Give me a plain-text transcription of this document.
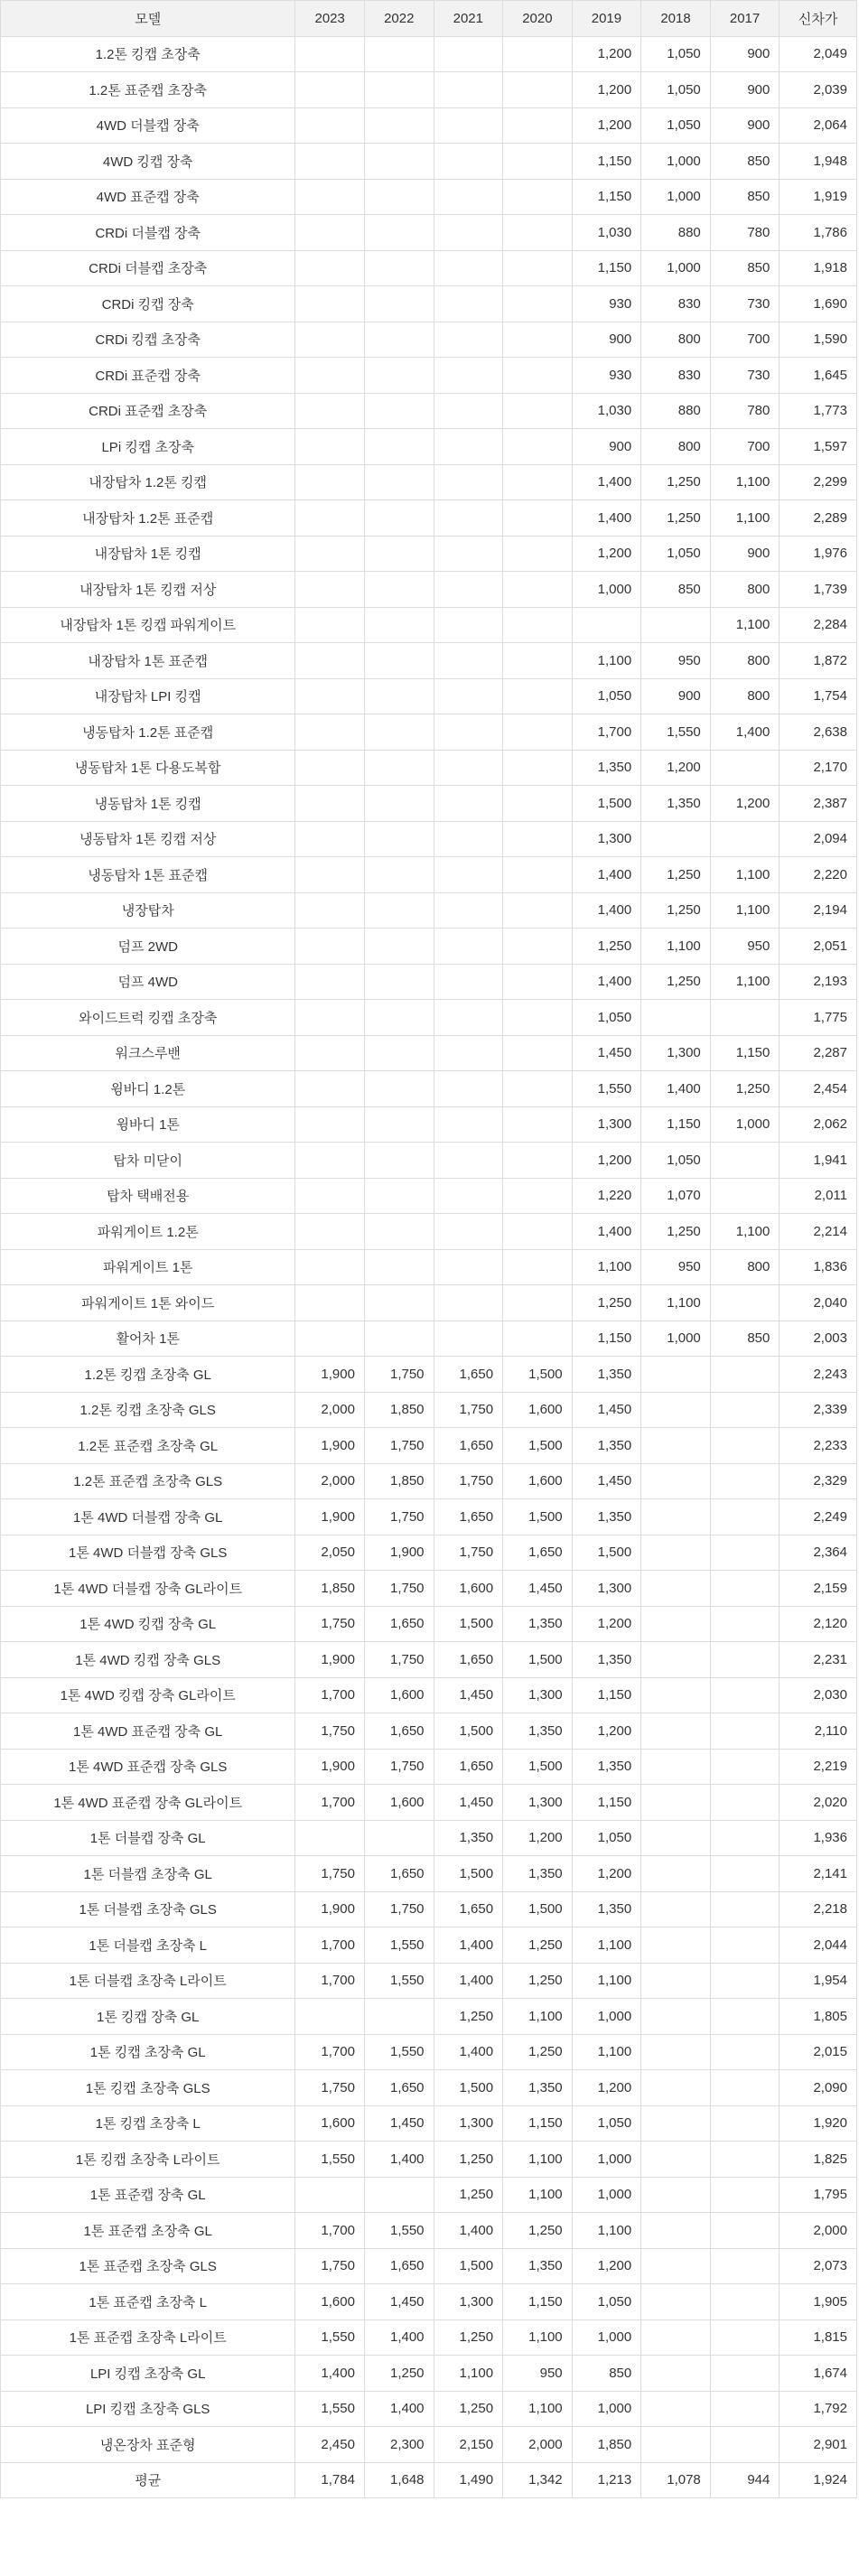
모델	2023	2022	2021	2020	2019	2018	2017	신차가
1.2톤 킹캡 초장축					1,200	1,050	900	2,049
1.2톤 표준캡 초장축					1,200	1,050	900	2,039
4WD 더블캡 장축					1,200	1,050	900	2,064
4WD 킹캡 장축					1,150	1,000	850	1,948
4WD 표준캡 장축					1,150	1,000	850	1,919
CRDi 더블캡 장축					1,030	880	780	1,786
CRDi 더블캡 초장축					1,150	1,000	850	1,918
CRDi 킹캡 장축					930	830	730	1,690
CRDi 킹캡 초장축					900	800	700	1,590
CRDi 표준캡 장축					930	830	730	1,645
CRDi 표준캡 초장축					1,030	880	780	1,773
LPi 킹캡 초장축					900	800	700	1,597
내장탑차 1.2톤 킹캡					1,400	1,250	1,100	2,299
내장탑차 1.2톤 표준캡					1,400	1,250	1,100	2,289
내장탑차 1톤 킹캡					1,200	1,050	900	1,976
내장탑차 1톤 킹캡 저상					1,000	850	800	1,739
내장탑차 1톤 킹캡 파워게이트							1,100	2,284
내장탑차 1톤 표준캡					1,100	950	800	1,872
내장탑차 LPI 킹캡					1,050	900	800	1,754
냉동탑차 1.2톤 표준캡					1,700	1,550	1,400	2,638
냉동탑차 1톤 다용도복합					1,350	1,200		2,170
냉동탑차 1톤 킹캡					1,500	1,350	1,200	2,387
냉동탑차 1톤 킹캡 저상					1,300			2,094
냉동탑차 1톤 표준캡					1,400	1,250	1,100	2,220
냉장탑차					1,400	1,250	1,100	2,194
덤프 2WD					1,250	1,100	950	2,051
덤프 4WD					1,400	1,250	1,100	2,193
와이드트럭 킹캡 초장축					1,050			1,775
워크스루밴					1,450	1,300	1,150	2,287
윙바디 1.2톤					1,550	1,400	1,250	2,454
윙바디 1톤					1,300	1,150	1,000	2,062
탑차 미닫이					1,200	1,050		1,941
탑차 택배전용					1,220	1,070		2,011
파워게이트 1.2톤					1,400	1,250	1,100	2,214
파워게이트 1톤					1,100	950	800	1,836
파워게이트 1톤 와이드					1,250	1,100		2,040
활어차 1톤					1,150	1,000	850	2,003
1.2톤 킹캡 초장축 GL	1,900	1,750	1,650	1,500	1,350			2,243
1.2톤 킹캡 초장축 GLS	2,000	1,850	1,750	1,600	1,450			2,339
1.2톤 표준캡 초장축 GL	1,900	1,750	1,650	1,500	1,350			2,233
1.2톤 표준캡 초장축 GLS	2,000	1,850	1,750	1,600	1,450			2,329
1톤 4WD 더블캡 장축 GL	1,900	1,750	1,650	1,500	1,350			2,249
1톤 4WD 더블캡 장축 GLS	2,050	1,900	1,750	1,650	1,500			2,364
1톤 4WD 더블캡 장축 GL라이트	1,850	1,750	1,600	1,450	1,300			2,159
1톤 4WD 킹캡 장축 GL	1,750	1,650	1,500	1,350	1,200			2,120
1톤 4WD 킹캡 장축 GLS	1,900	1,750	1,650	1,500	1,350			2,231
1톤 4WD 킹캡 장축 GL라이트	1,700	1,600	1,450	1,300	1,150			2,030
1톤 4WD 표준캡 장축 GL	1,750	1,650	1,500	1,350	1,200			2,110
1톤 4WD 표준캡 장축 GLS	1,900	1,750	1,650	1,500	1,350			2,219
1톤 4WD 표준캡 장축 GL라이트	1,700	1,600	1,450	1,300	1,150			2,020
1톤 더블캡 장축 GL			1,350	1,200	1,050			1,936
1톤 더블캡 초장축 GL	1,750	1,650	1,500	1,350	1,200			2,141
1톤 더블캡 초장축 GLS	1,900	1,750	1,650	1,500	1,350			2,218
1톤 더블캡 초장축 L	1,700	1,550	1,400	1,250	1,100			2,044
1톤 더블캡 초장축 L라이트	1,700	1,550	1,400	1,250	1,100			1,954
1톤 킹캡 장축 GL			1,250	1,100	1,000			1,805
1톤 킹캡 초장축 GL	1,700	1,550	1,400	1,250	1,100			2,015
1톤 킹캡 초장축 GLS	1,750	1,650	1,500	1,350	1,200			2,090
1톤 킹캡 초장축 L	1,600	1,450	1,300	1,150	1,050			1,920
1톤 킹캡 초장축 L라이트	1,550	1,400	1,250	1,100	1,000			1,825
1톤 표준캡 장축 GL			1,250	1,100	1,000			1,795
1톤 표준캡 초장축 GL	1,700	1,550	1,400	1,250	1,100			2,000
1톤 표준캡 초장축 GLS	1,750	1,650	1,500	1,350	1,200			2,073
1톤 표준캡 초장축 L	1,600	1,450	1,300	1,150	1,050			1,905
1톤 표준캡 초장축 L라이트	1,550	1,400	1,250	1,100	1,000			1,815
LPI 킹캡 초장축 GL	1,400	1,250	1,100	950	850			1,674
LPI 킹캡 초장축 GLS	1,550	1,400	1,250	1,100	1,000			1,792
냉온장차 표준형	2,450	2,300	2,150	2,000	1,850			2,901
평균	1,784	1,648	1,490	1,342	1,213	1,078	944	1,924
